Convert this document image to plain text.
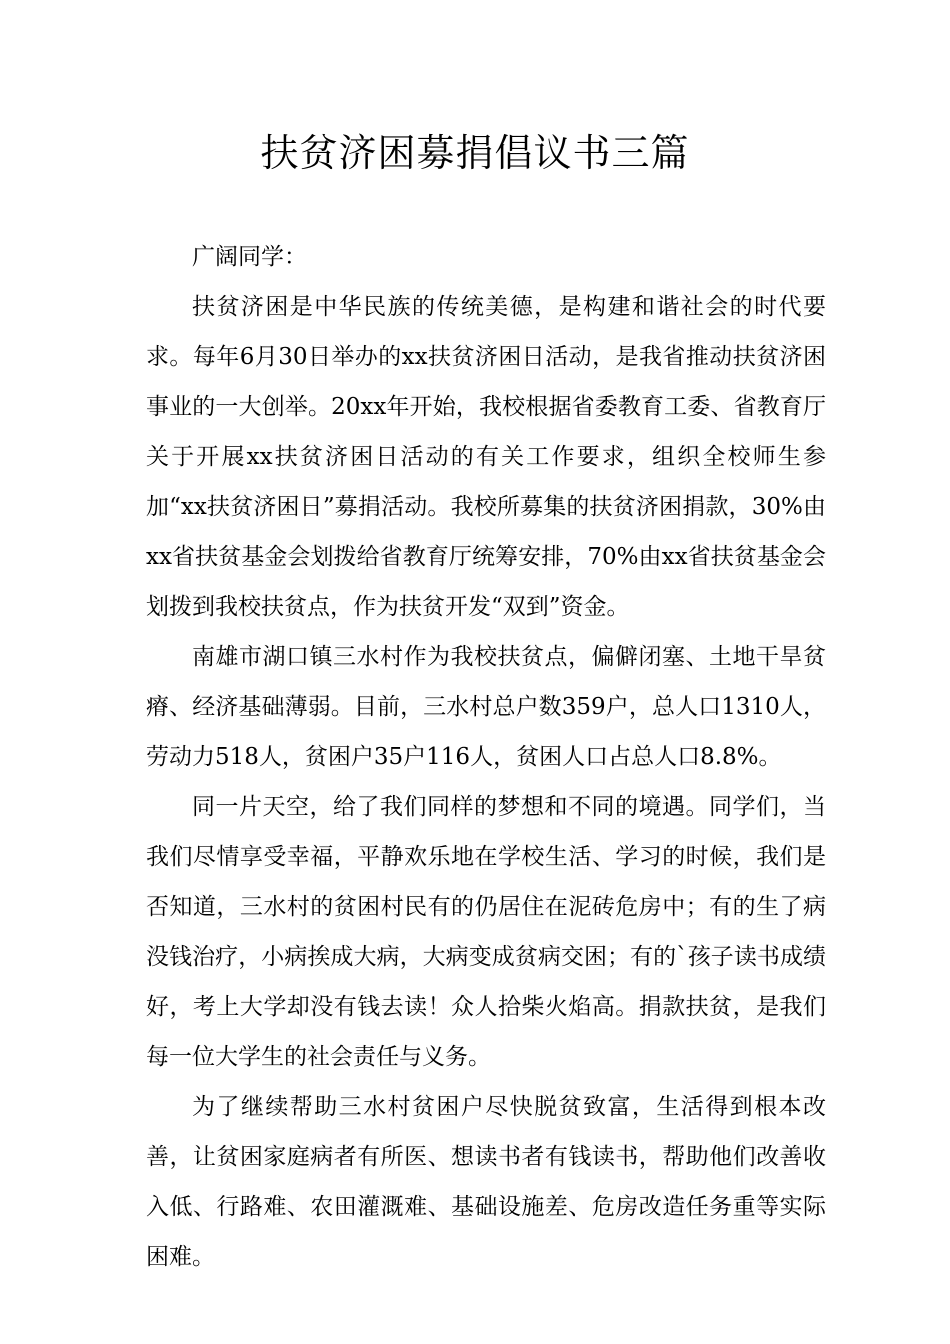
扶贫济困募捐倡议书三篇

广阔同学：

扶贫济困是中华民族的传统美德，是构建和谐社会的时代要求。每年6月30日举办的xx扶贫济困日活动，是我省推动扶贫济困事业的一大创举。20xx年开始，我校根据省委教育工委、省教育厅关于开展xx扶贫济困日活动的有关工作要求，组织全校师生参加“xx扶贫济困日”募捐活动。我校所募集的扶贫济困捐款，30%由xx省扶贫基金会划拨给省教育厅统筹安排，70%由xx省扶贫基金会划拨到我校扶贫点，作为扶贫开发“双到”资金。

南雄市湖口镇三水村作为我校扶贫点，偏僻闭塞、土地干旱贫瘠、经济基础薄弱。目前，三水村总户数359户，总人口1310人，劳动力518人，贫困户35户116人，贫困人口占总人口8.8%。

同一片天空，给了我们同样的梦想和不同的境遇。同学们，当我们尽情享受幸福，平静欢乐地在学校生活、学习的时候，我们是否知道，三水村的贫困村民有的仍居住在泥砖危房中；有的生了病没钱治疗，小病挨成大病，大病变成贫病交困；有的`孩子读书成绩好，考上大学却没有钱去读！众人拾柴火焰高。捐款扶贫，是我们每一位大学生的社会责任与义务。

为了继续帮助三水村贫困户尽快脱贫致富，生活得到根本改善，让贫困家庭病者有所医、想读书者有钱读书，帮助他们改善收入低、行路难、农田灌溉难、基础设施差、危房改造任务重等实际困难。
